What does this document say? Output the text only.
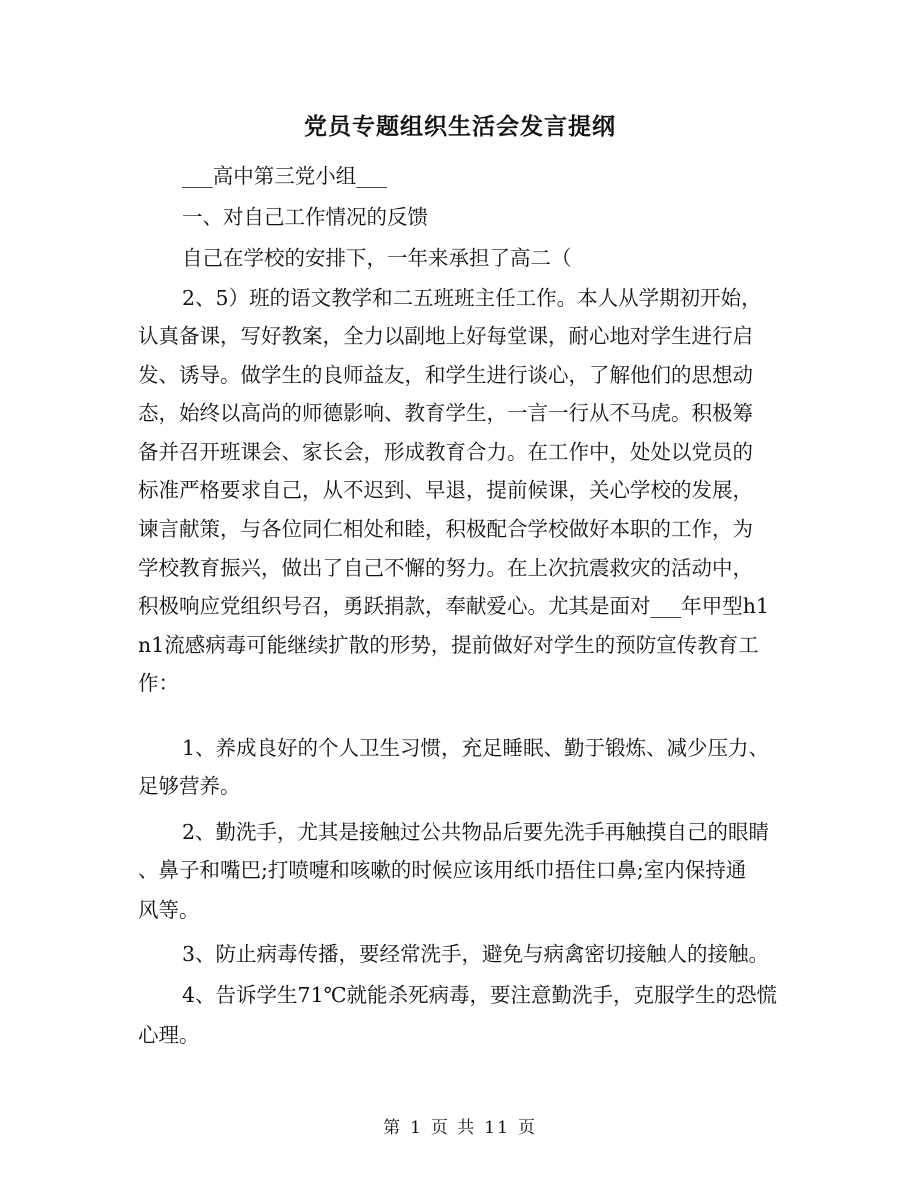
党员专题组织生活会发言提纲
___高中第三党小组___
一、对自己工作情况的反馈
自己在学校的安排下，一年来承担了高二（
2、5）班的语文教学和二五班班主任工作。本人从学期初开始，
认真备课，写好教案，全力以副地上好每堂课，耐心地对学生进行启
发、诱导。做学生的良师益友，和学生进行谈心，了解他们的思想动
态，始终以高尚的师德影响、教育学生，一言一行从不马虎。积极筹
备并召开班课会、家长会，形成教育合力。在工作中，处处以党员的
标准严格要求自己，从不迟到、早退，提前候课，关心学校的发展，
谏言献策，与各位同仁相处和睦，积极配合学校做好本职的工作，为
学校教育振兴，做出了自己不懈的努力。在上次抗震救灾的活动中，
积极响应党组织号召，勇跃捐款，奉献爱心。尤其是面对___年甲型h1
n1流感病毒可能继续扩散的形势，提前做好对学生的预防宣传教育工
作：
1、养成良好的个人卫生习惯，充足睡眠、勤于锻炼、减少压力、
足够营养。
2、勤洗手，尤其是接触过公共物品后要先洗手再触摸自己的眼睛
、鼻子和嘴巴;打喷嚏和咳嗽的时候应该用纸巾捂住口鼻;室内保持通
风等。
3、防止病毒传播，要经常洗手，避免与病禽密切接触人的接触。
4、告诉学生71℃就能杀死病毒，要注意勤洗手，克服学生的恐慌
心理。
第 1 页 共 11 页
